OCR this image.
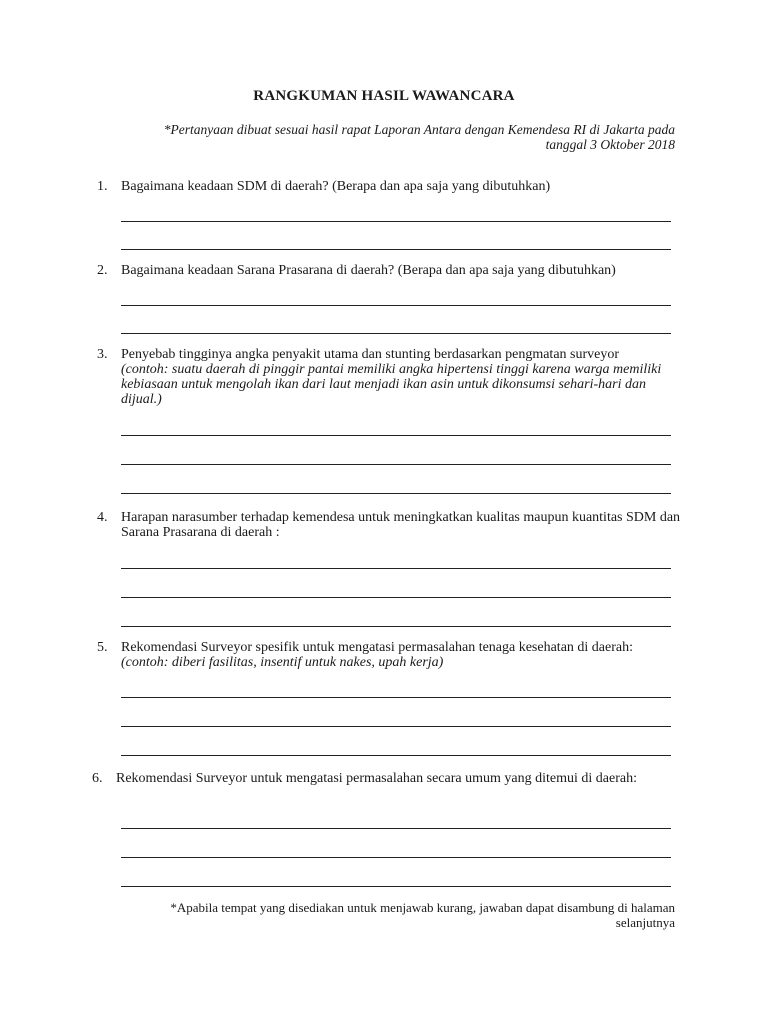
RANGKUMAN HASIL WAWANCARA
*Pertanyaan dibuat sesuai hasil rapat Laporan Antara dengan Kemendesa RI di Jakarta pada
tanggal 3 Oktober 2018
1. Bagaimana keadaan SDM di daerah? (Berapa dan apa saja yang dibutuhkan)
2. Bagaimana keadaan Sarana Prasarana di daerah? (Berapa dan apa saja yang dibutuhkan)
3. Penyebab tingginya angka penyakit utama dan stunting berdasarkan pengmatan surveyor
(contoh: suatu daerah di pinggir pantai memiliki angka hipertensi tinggi karena warga memiliki kebiasaan untuk mengolah ikan dari laut menjadi ikan asin untuk dikonsumsi sehari-hari dan dijual.)
4. Harapan narasumber terhadap kemendesa untuk meningkatkan kualitas maupun kuantitas SDM dan Sarana Prasarana di daerah :
5. Rekomendasi Surveyor spesifik untuk mengatasi permasalahan tenaga kesehatan di daerah: (contoh: diberi fasilitas, insentif untuk nakes, upah kerja)
6. Rekomendasi Surveyor untuk mengatasi permasalahan secara umum yang ditemui di daerah:
*Apabila tempat yang disediakan untuk menjawab kurang, jawaban dapat disambung di halaman
selanjutnya
